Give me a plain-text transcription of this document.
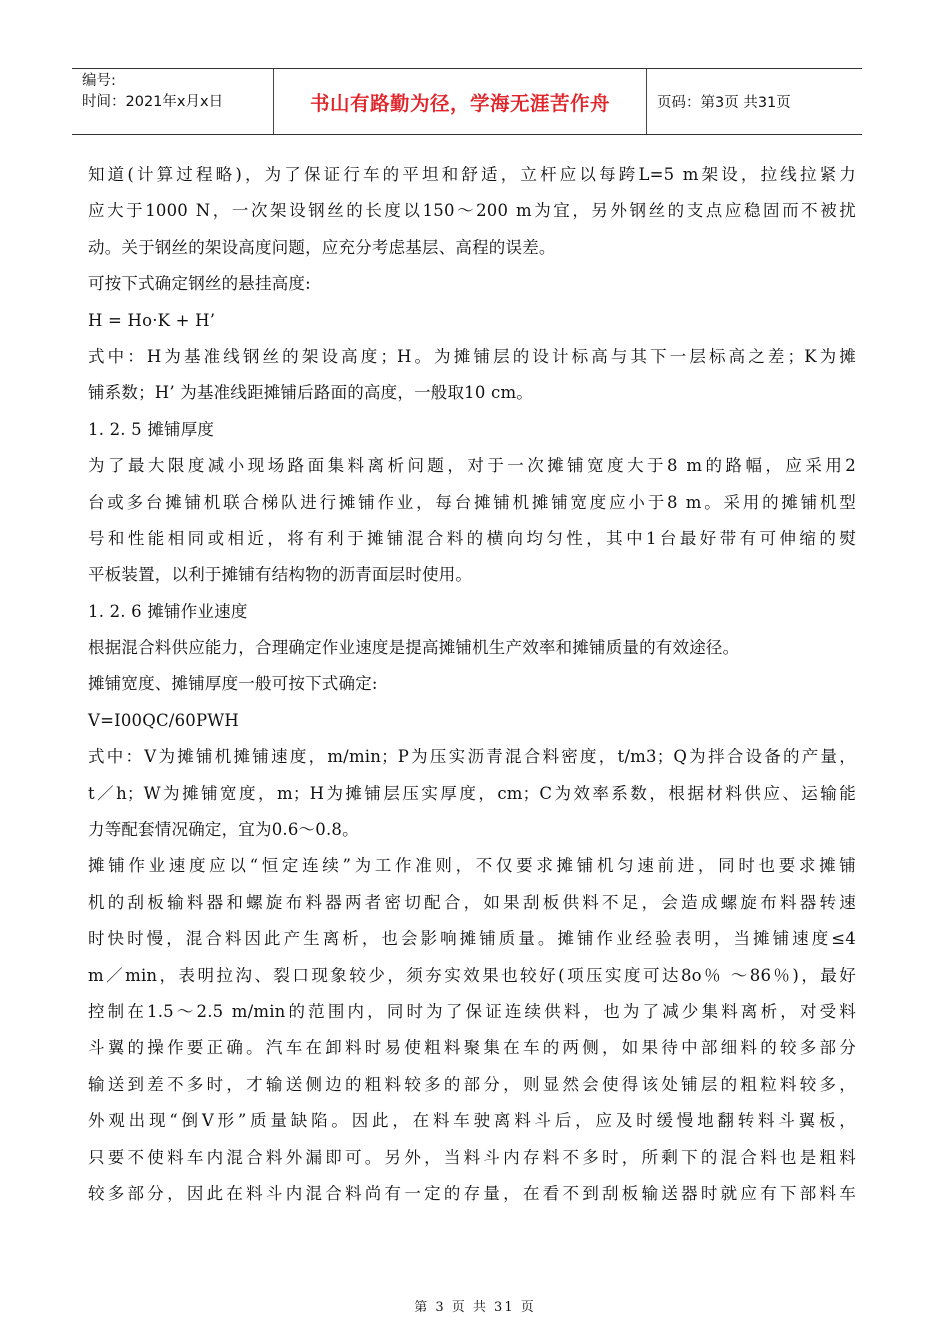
编号:
时间：2021年x月x日	书山有路勤为径，学海无涯苦作舟	页码：第3页 共31页
知道(计算过程略)，为了保证行车的平坦和舒适，立杆应以每跨L=5 m架设，拉线拉紧力
应大于1000 N，一次架设钢丝的长度以150～200 m为宜，另外钢丝的支点应稳固而不被扰
动。关于钢丝的架设高度问题，应充分考虑基层、高程的误差。
可按下式确定钢丝的悬挂高度:
H = Ho·K + H’
式中：H为基准线钢丝的架设高度；H。为摊铺层的设计标高与其下一层标高之差；K为摊
铺系数；H’ 为基准线距摊铺后路面的高度，一般取10 cm。
1. 2. 5 摊铺厚度
为了最大限度减小现场路面集料离析问题，对于一次摊铺宽度大于8 m的路幅，应采用2
台或多台摊铺机联合梯队进行摊铺作业，每台摊铺机摊铺宽度应小于8 m。采用的摊铺机型
号和性能相同或相近，将有利于摊铺混合料的横向均匀性，其中1台最好带有可伸缩的熨
平板装置，以利于摊铺有结构物的沥青面层时使用。
1. 2. 6 摊铺作业速度
根据混合料供应能力，合理确定作业速度是提高摊铺机生产效率和摊铺质量的有效途径。
摊铺宽度、摊铺厚度一般可按下式确定:
V=I00QC/60PWH
式中：V为摊铺机摊铺速度，m/min；P为压实沥青混合料密度，t/m3；Q为拌合设备的产量，
t／h；W为摊铺宽度，m；H为摊铺层压实厚度，cm；C为效率系数，根据材料供应、运输能
力等配套情况确定，宜为0.6～0.8。
摊铺作业速度应以“恒定连续”为工作准则，不仅要求摊铺机匀速前进，同时也要求摊铺
机的刮板输料器和螺旋布料器两者密切配合，如果刮板供料不足，会造成螺旋布料器转速
时快时慢，混合料因此产生离析，也会影响摊铺质量。摊铺作业经验表明，当摊铺速度≤4
m／min，表明拉沟、裂口现象较少，须夯实效果也较好(项压实度可达8o％ ～86％)，最好
控制在1.5～2.5 m/min的范围内，同时为了保证连续供料，也为了减少集料离析，对受料
斗翼的操作要正确。汽车在卸料时易使粗料聚集在车的两侧，如果待中部细料的较多部分
输送到差不多时，才输送侧边的粗料较多的部分，则显然会使得该处铺层的粗粒料较多，
外观出现“倒V形”质量缺陷。因此，在料车驶离料斗后，应及时缓慢地翻转料斗翼板，
只要不使料车内混合料外漏即可。另外，当料斗内存料不多时，所剩下的混合料也是粗料
较多部分，因此在料斗内混合料尚有一定的存量，在看不到刮板输送器时就应有下部料车
第 3 页 共 31 页
